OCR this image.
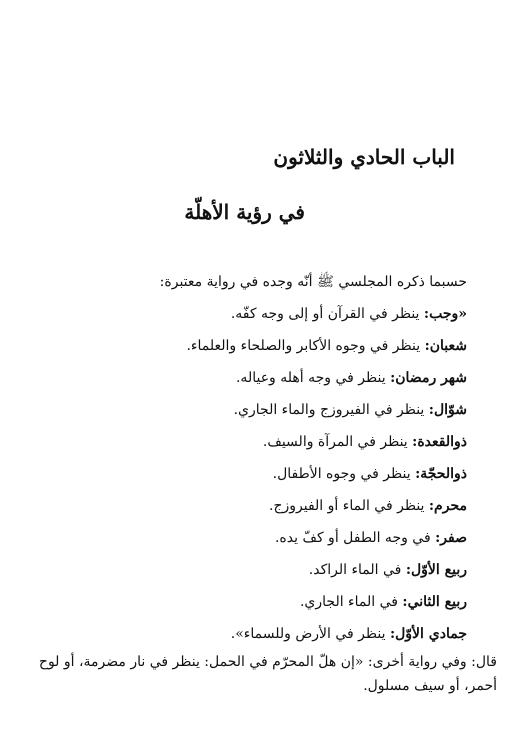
الباب الحادي والثلاثون
في رؤية الأهلّة
حسبما ذكره المجلسي ﷺ أنّه وجده في رواية معتبرة:
«وجب: ينظر في القرآن أو إلى وجه كفّه.
شعبان: ينظر في وجوه الأكابر والصلحاء والعلماء.
شهر رمضان: ينظر في وجه أهله وعياله.
شوّال: ينظر في الفيروزج والماء الجاري.
ذوالقعدة: ينظر في المرآة والسيف.
ذوالحجّة: ينظر في وجوه الأطفال.
محرم: ينظر في الماء أو الفيروزج.
صفر: في وجه الطفل أو كفّ يده.
ربيع الأوّل: في الماء الراكد.
ربيع الثاني: في الماء الجاري.
جمادي الأوّل: ينظر في الأرض وللسماء».
قال: وفي رواية أخرى: «إن هلّ المحرّم في الحمل: ينظر في نار مضرمة، أو لوح
أحمر، أو سيف مسلول.
